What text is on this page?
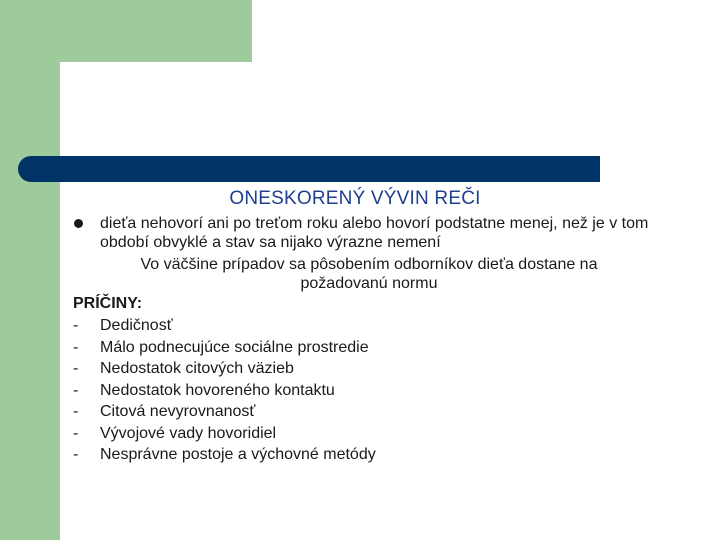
ONESKORENÝ VÝVIN REČI
dieťa nehovorí ani po treťom roku alebo hovorí podstatne menej, než je v tom období obvyklé a stav sa nijako výrazne nemení
Vo väčšine prípadov sa pôsobením odborníkov dieťa dostane na požadovanú normu
PRÍČINY:
- Dedičnosť
- Málo podnecujúce sociálne prostredie
- Nedostatok citových väzieb
- Nedostatok hovoreného kontaktu
- Citová nevyrovnanosť
- Vývojové vady hovoridiel
- Nesprávne postoje a výchovné metódy
